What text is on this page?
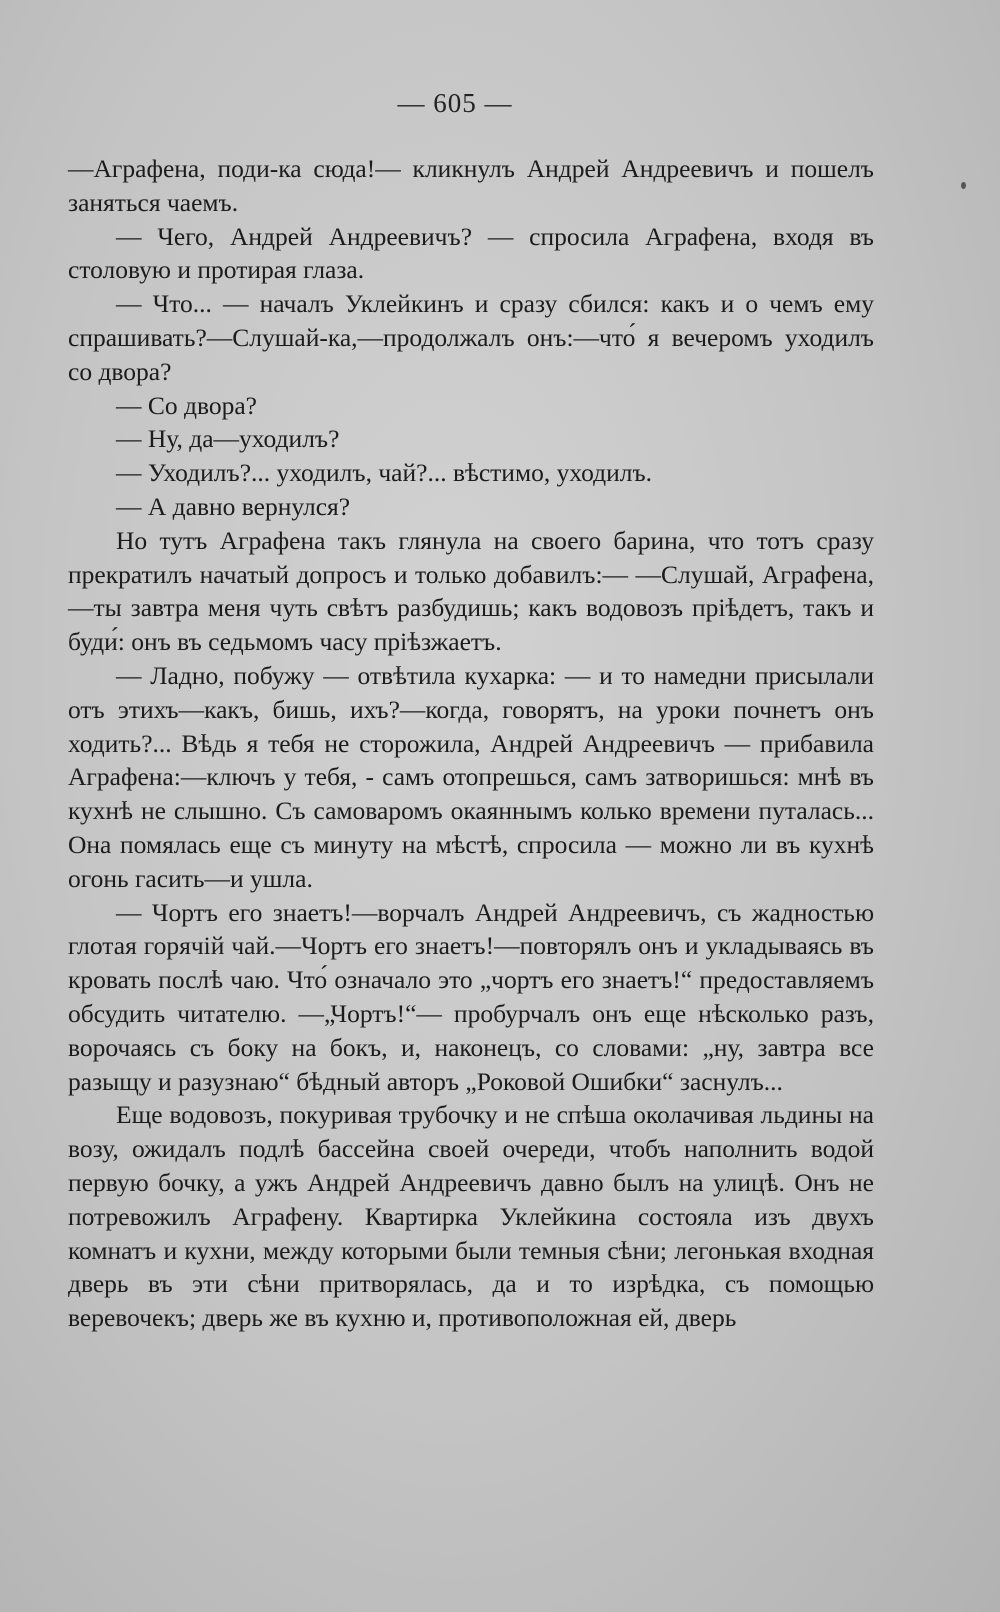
— 605 —

—Аграфена, поди-ка сюда!— кликнулъ Андрей Андреевичъ и пошелъ заняться чаемъ.

— Чего, Андрей Андреевичъ? — спросила Аграфена, входя въ столовую и протирая глаза.

— Что... — началъ Уклейкинъ и сразу сбился: какъ и о чемъ ему спрашивать?—Слушай-ка,—продолжалъ онъ:—что́ я вечеромъ уходилъ со двора?

— Со двора?

— Ну, да—уходилъ?

— Уходилъ?... уходилъ, чай?... вѣстимо, уходилъ.

— А давно вернулся?

Но тутъ Аграфена такъ глянула на своего барина, что тотъ сразу прекратилъ начатый допросъ и только добавилъ:— —Слушай, Аграфена,—ты завтра меня чуть свѣтъ разбудишь; какъ водовозъ пріѣдетъ, такъ и буди́: онъ въ седьмомъ часу пріѣзжаетъ.

— Ладно, побужу — отвѣтила кухарка: — и то намедни присылали отъ этихъ—какъ, бишь, ихъ?—когда, говорятъ, на уроки почнетъ онъ ходить?... Вѣдь я тебя не сторожила, Андрей Андреевичъ — прибавила Аграфена:—ключъ у тебя, - самъ отопрешься, самъ затворишься: мнѣ въ кухнѣ не слышно. Съ самоваромъ окаяннымъ колько времени путалась... Она помялась еще съ минуту на мѣстѣ, спросила — можно ли въ кухнѣ огонь гасить—и ушла.

— Чортъ его знаетъ!—ворчалъ Андрей Андреевичъ, съ жадностью глотая горячій чай.—Чортъ его знаетъ!—повторялъ онъ и укладываясь въ кровать послѣ чаю. Что́ означало это „чортъ его знаетъ!“ предоставляемъ обсудить читателю. —„Чортъ!“— пробурчалъ онъ еще нѣсколько разъ, ворочаясь съ боку на бокъ, и, наконецъ, со словами: „ну, завтра все разыщу и разузнаю“ бѣдный авторъ „Роковой Ошибки“ заснулъ...

Еще водовозъ, покуривая трубочку и не спѣша околачивая льдины на возу, ожидалъ подлѣ бассейна своей очереди, чтобъ наполнить водой первую бочку, а ужъ Андрей Андреевичъ давно былъ на улицѣ. Онъ не потревожилъ Аграфену. Квартирка Уклейкина состояла изъ двухъ комнатъ и кухни, между которыми были темныя сѣни; легонькая входная дверь въ эти сѣни притворялась, да и то изрѣдка, съ помощью веревочекъ; дверь же въ кухню и, противоположная ей, дверь
